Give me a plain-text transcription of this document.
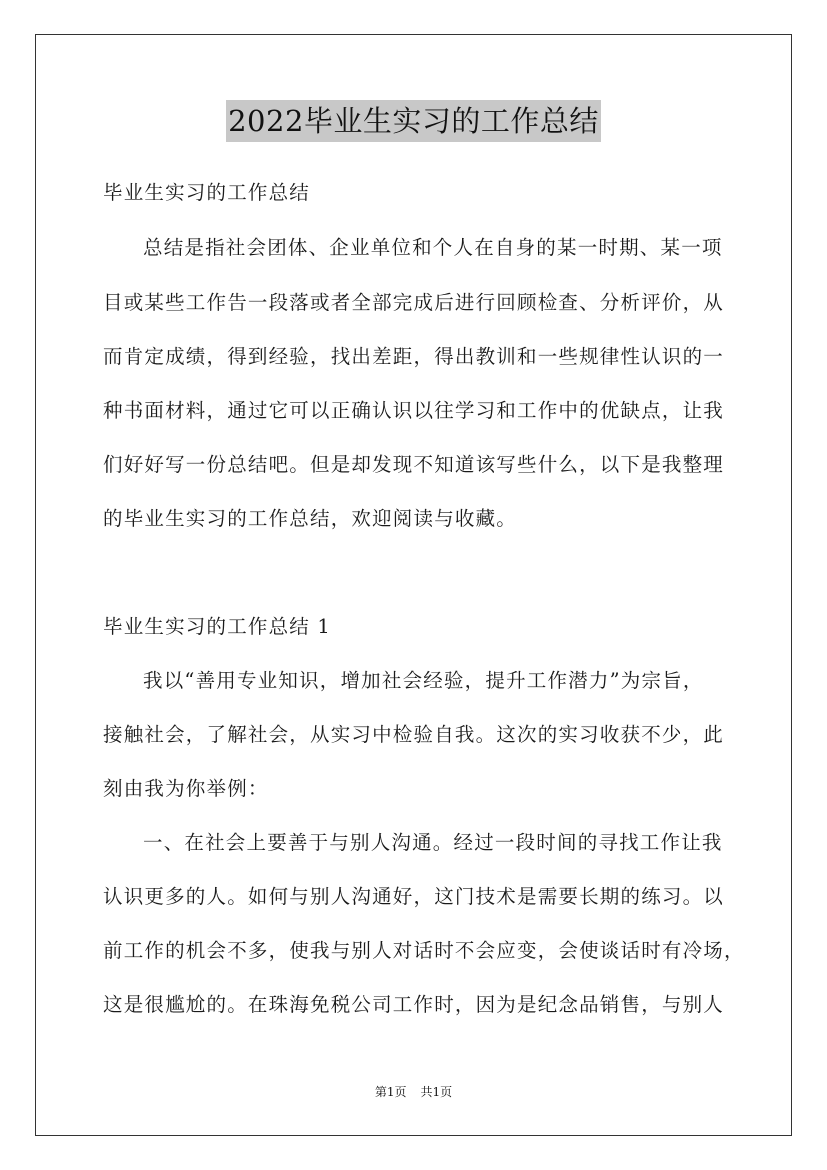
2022毕业生实习的工作总结
毕业生实习的工作总结
总结是指社会团体、企业单位和个人在自身的某一时期、某一项
目或某些工作告一段落或者全部完成后进行回顾检查、分析评价，从
而肯定成绩，得到经验，找出差距，得出教训和一些规律性认识的一
种书面材料，通过它可以正确认识以往学习和工作中的优缺点，让我
们好好写一份总结吧。但是却发现不知道该写些什么，以下是我整理
的毕业生实习的工作总结，欢迎阅读与收藏。
毕业生实习的工作总结 1
我以“善用专业知识，增加社会经验，提升工作潜力”为宗旨，
接触社会，了解社会，从实习中检验自我。这次的实习收获不少，此
刻由我为你举例：
一、在社会上要善于与别人沟通。经过一段时间的寻找工作让我
认识更多的人。如何与别人沟通好，这门技术是需要长期的练习。以
前工作的机会不多，使我与别人对话时不会应变，会使谈话时有冷场，
这是很尴尬的。在珠海免税公司工作时，因为是纪念品销售，与别人
第1页 共1页
